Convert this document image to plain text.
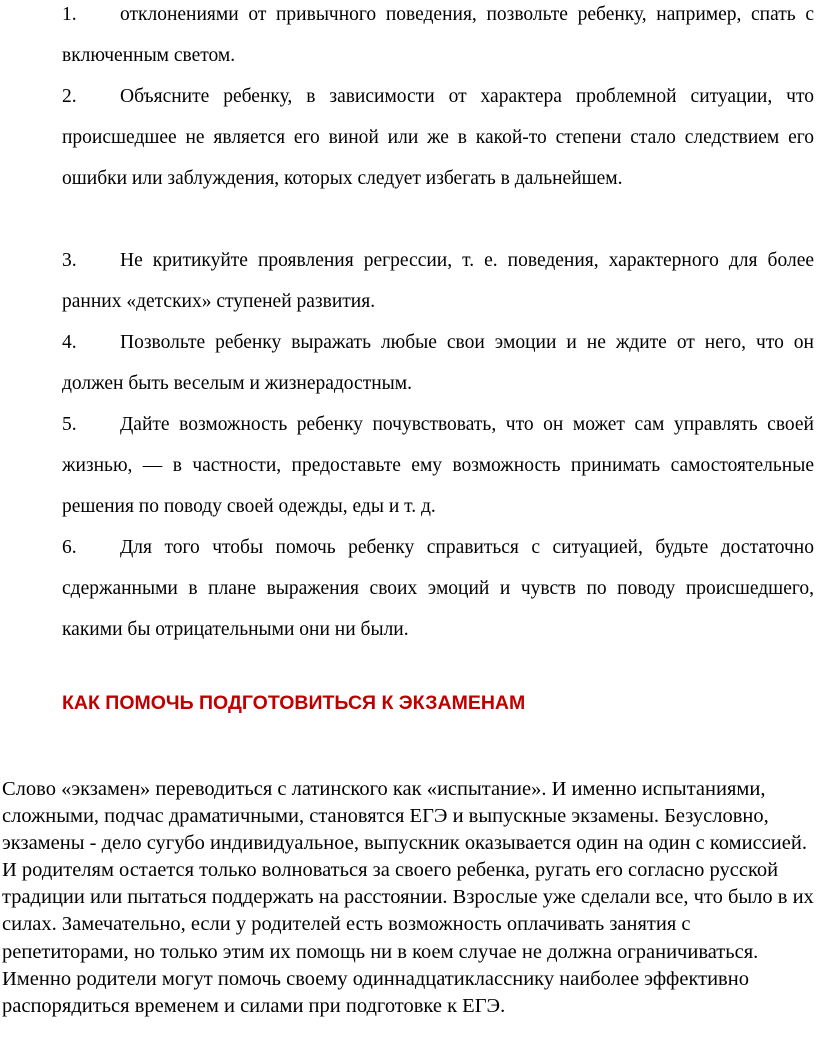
1. отклонениями от привычного поведения, позвольте ребенку, например, спать с включенным светом.
2. Объясните ребенку, в зависимости от характера проблемной ситуации, что происшедшее не является его виной или же в какой-то степени стало следствием его ошибки или заблуждения, которых следует избегать в дальнейшем.
3. Не критикуйте проявления регрессии, т. е. поведения, характерного для более ранних «детских» ступеней развития.
4. Позвольте ребенку выражать любые свои эмоции и не ждите от него, что он должен быть веселым и жизнерадостным.
5. Дайте возможность ребенку почувствовать, что он может сам управлять своей жизнью, — в частности, предоставьте ему возможность принимать самостоятельные решения по поводу своей одежды, еды и т. д.
6. Для того чтобы помочь ребенку справиться с ситуацией, будьте достаточно сдержанными в плане выражения своих эмоций и чувств по поводу происшедшего, какими бы отрицательными они ни были.
КАК ПОМОЧЬ ПОДГОТОВИТЬСЯ К ЭКЗАМЕНАМ
Слово «экзамен» переводиться с латинского как «испытание». И именно испытаниями, сложными, подчас драматичными, становятся ЕГЭ и выпускные экзамены. Безусловно, экзамены - дело сугубо индивидуальное, выпускник оказывается один на один с комиссией. И родителям остается только волноваться за своего ребенка, ругать его согласно русской традиции или пытаться поддержать на расстоянии. Взрослые уже сделали все, что было в их силах. Замечательно, если у родителей есть возможность оплачивать занятия с репетиторами, но только этим их помощь ни в коем случае не должна ограничиваться. Именно родители могут помочь своему одиннадцатикласснику наиболее эффективно распорядиться временем и силами при подготовке к ЕГЭ.
